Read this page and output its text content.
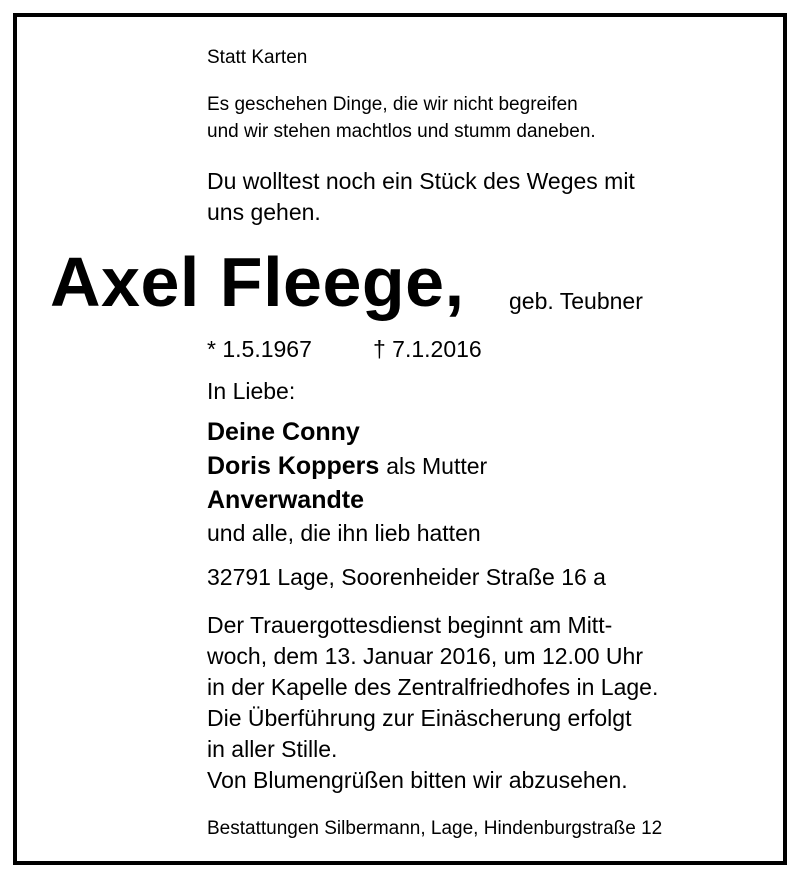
Statt Karten
Es geschehen Dinge, die wir nicht begreifen
und wir stehen machtlos und stumm daneben.
Du wolltest noch ein Stück des Weges mit
uns gehen.
Axel Fleege, geb. Teubner
* 1.5.1967	† 7.1.2016
In Liebe:
Deine Conny
Doris Koppers als Mutter
Anverwandte
und alle, die ihn lieb hatten
32791 Lage, Soorenheider Straße 16 a
Der Trauergottesdienst beginnt am Mitt-
woch, dem 13. Januar 2016, um 12.00 Uhr
in der Kapelle des Zentralfriedhofes in Lage.
Die Überführung zur Einäscherung erfolgt
in aller Stille.
Von Blumengrüßen bitten wir abzusehen.
Bestattungen Silbermann, Lage, Hindenburgstraße 12
